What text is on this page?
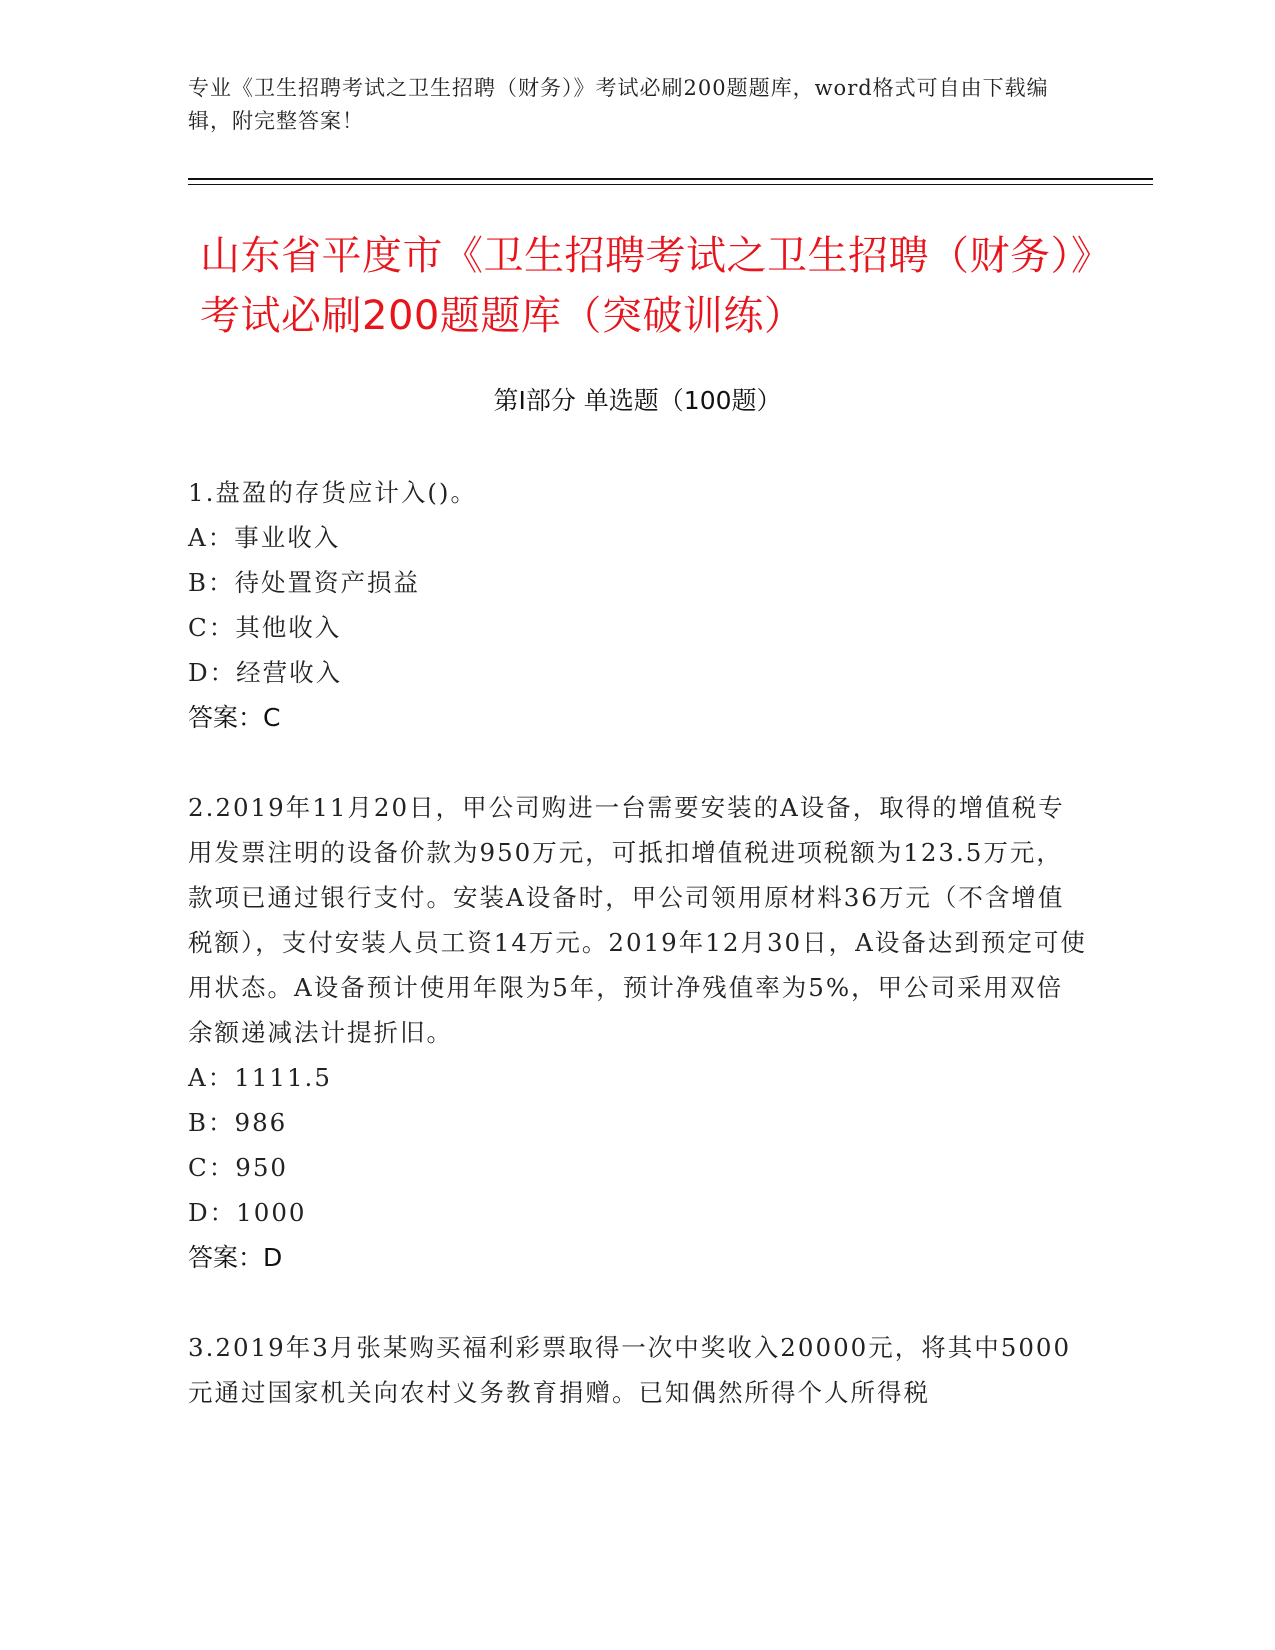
专业《卫生招聘考试之卫生招聘（财务）》考试必刷200题题库，word格式可自由下载编辑，附完整答案！
山东省平度市《卫生招聘考试之卫生招聘（财务）》考试必刷200题题库（突破训练）
第Ⅰ部分 单选题（100题）

1.盘盈的存货应计入()。

A：事业收入

B：待处置资产损益

C：其他收入

D：经营收入

答案：C

2.2019年11月20日，甲公司购进一台需要安装的A设备，取得的增值税专用发票注明的设备价款为950万元，可抵扣增值税进项税额为123.5万元，款项已通过银行支付。安装A设备时，甲公司领用原材料36万元（不含增值税额），支付安装人员工资14万元。2019年12月30日，A设备达到预定可使用状态。A设备预计使用年限为5年，预计净残值率为5%，甲公司采用双倍余额递减法计提折旧。

A：1111.5

B：986

C：950

D：1000

答案：D

3.2019年3月张某购买福利彩票取得一次中奖收入20000元，将其中5000元通过国家机关向农村义务教育捐赠。已知偶然所得个人所得税
